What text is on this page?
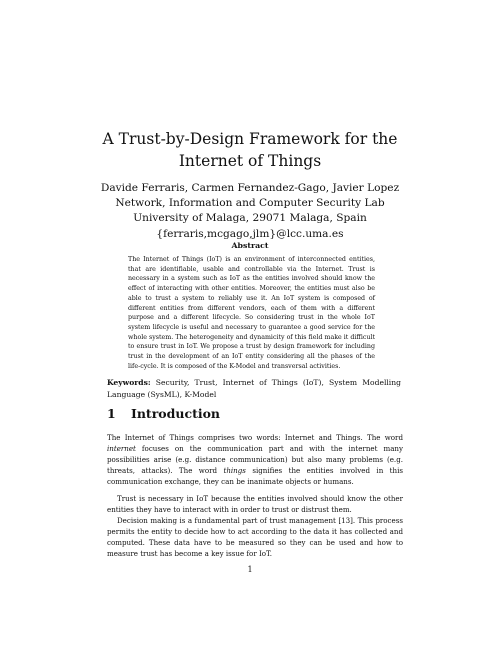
A Trust-by-Design Framework for the Internet of Things
Davide Ferraris, Carmen Fernandez-Gago, Javier Lopez
Network, Information and Computer Security Lab
University of Malaga, 29071 Malaga, Spain
{ferraris,mcgago,jlm}@lcc.uma.es
Abstract

The Internet of Things (IoT) is an environment of interconnected entities, that are identifiable, usable and controllable via the Internet. Trust is necessary in a system such as IoT as the entities involved should know the effect of interacting with other entities. Moreover, the entities must also be able to trust a system to reliably use it. An IoT system is composed of different entities from different vendors, each of them with a different purpose and a different lifecycle. So considering trust in the whole IoT system lifecycle is useful and necessary to guarantee a good service for the whole system. The heterogeneity and dynamicity of this field make it difficult to ensure trust in IoT. We propose a trust by design framework for including trust in the development of an IoT entity considering all the phases of the life-cycle. It is composed of the K-Model and transversal activities.

Keywords: Security, Trust, Internet of Things (IoT), System Modelling Language (SysML), K-Model

1 Introduction

The Internet of Things comprises two words: Internet and Things. The word internet focuses on the communication part and with the internet many possibilities arise (e.g. distance communication) but also many problems (e.g. threats, attacks). The word things signifies the entities involved in this communication exchange, they can be inanimate objects or humans.

Trust is necessary in IoT because the entities involved should know the other entities they have to interact with in order to trust or distrust them.

Decision making is a fundamental part of trust management [13]. This process permits the entity to decide how to act according to the data it has collected and computed. These data have to be measured so they can be used and how to measure trust has become a key issue for IoT.

1
